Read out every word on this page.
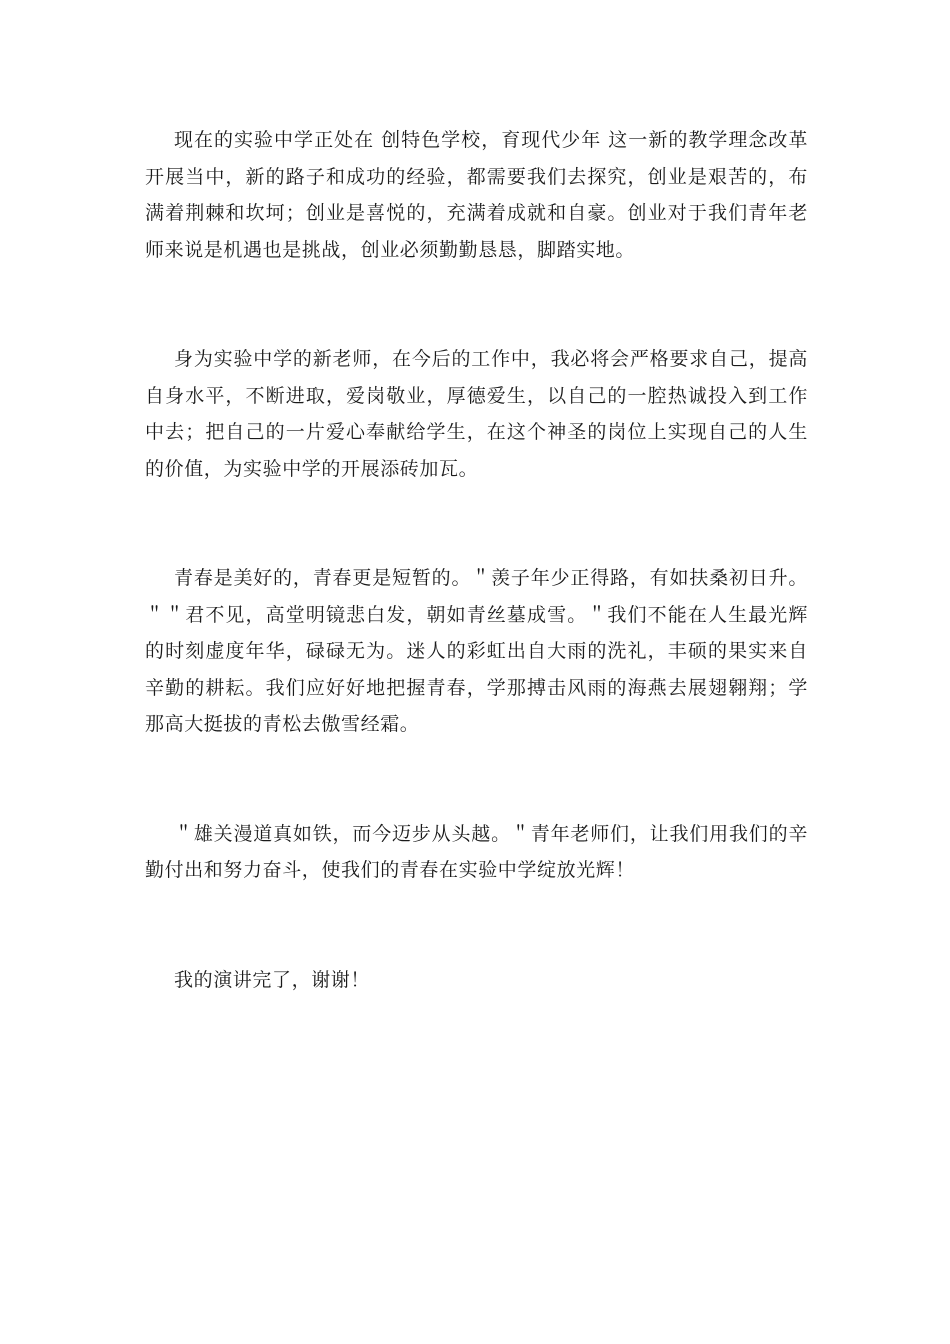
现在的实验中学正处在 创特色学校，育现代少年 这一新的教学理念改革开展当中，新的路子和成功的经验，都需要我们去探究，创业是艰苦的，布满着荆棘和坎坷；创业是喜悦的，充满着成就和自豪。创业对于我们青年老师来说是机遇也是挑战，创业必须勤勤恳恳，脚踏实地。

身为实验中学的新老师，在今后的工作中，我必将会严格要求自己，提高自身水平，不断进取，爱岗敬业，厚德爱生，以自己的一腔热诚投入到工作中去；把自己的一片爱心奉献给学生，在这个神圣的岗位上实现自己的人生的价值，为实验中学的开展添砖加瓦。

青春是美好的，青春更是短暂的。＂羡子年少正得路，有如扶桑初日升。＂＂君不见，高堂明镜悲白发，朝如青丝墓成雪。＂我们不能在人生最光辉的时刻虚度年华，碌碌无为。迷人的彩虹出自大雨的洗礼，丰硕的果实来自辛勤的耕耘。我们应好好地把握青春，学那搏击风雨的海燕去展翅翱翔；学那高大挺拔的青松去傲雪经霜。

＂雄关漫道真如铁，而今迈步从头越。＂青年老师们，让我们用我们的辛勤付出和努力奋斗，使我们的青春在实验中学绽放光辉！

我的演讲完了，谢谢！
